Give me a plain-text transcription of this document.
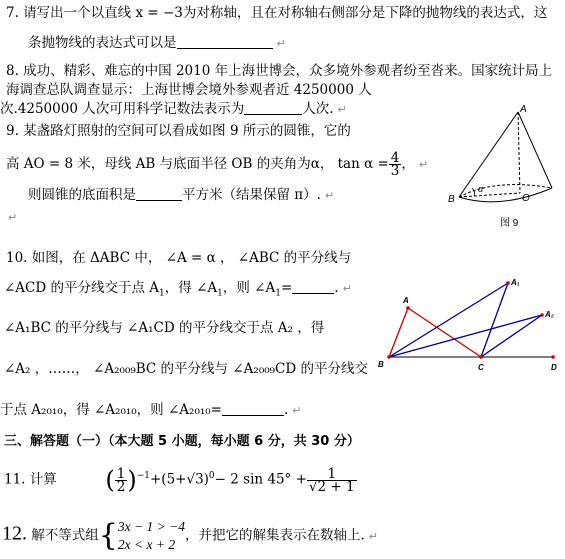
7. 请写出一个以直线 x = −3为对称轴，且在对称轴右侧部分是下降的抛物线的表达式，这
条抛物线的表达式可以是	↵
8. 成功、精彩、难忘的中国 2010 年上海世博会，众多境外参观者纷至沓来。国家统计局上
海调查总队调查显示：上海世博会境外参观者近 4250000 人
次.4250000 人次可用科学记数法表示为	人次. ↵
9. 某盏路灯照射的空间可以看成如图 9 所示的圆锥，它的
高 AO = 8 米，母线 AB 与底面半径 OB 的夹角为α， $\tan \alpha = \frac{4}{3}$ ， ↵
则圆锥的底面积是	平方米（结果保留 π）. ↵
↵
A
B	O
α
图 9
10. 如图，在 ΔABC 中， ∠A = α ， ∠ABC 的平分线与
∠ACD 的平分线交于点 $A_1$，得 $\angle A_1$，则 $\angle A_1=$	. ↵
∠A₁BC 的平分线与 ∠A₁CD 的平分线交于点 A₂ ，得
∠A₂ ，……， ∠A₂₀₀₉BC 的平分线与 ∠A₂₀₀₉CD 的平分线交
于点 A₂₀₁₀，得 ∠A₂₀₁₀，则 ∠A₂₀₁₀=	. ↵
A
A₁
A₂
B	C	D
三、解答题（一）（本大题 5 小题，每小题 6 分，共 30 分）
11. 计算 ( $\frac{1}{2} )^{-1}+(5+√3)^0- 2$ $\sin 45^\circ + \frac{1}{√2 + 1}$
12. 解不等式组{ 3x − 1 > −4
2x < x + 2
，并把它的解集表示在数轴上. ↵
